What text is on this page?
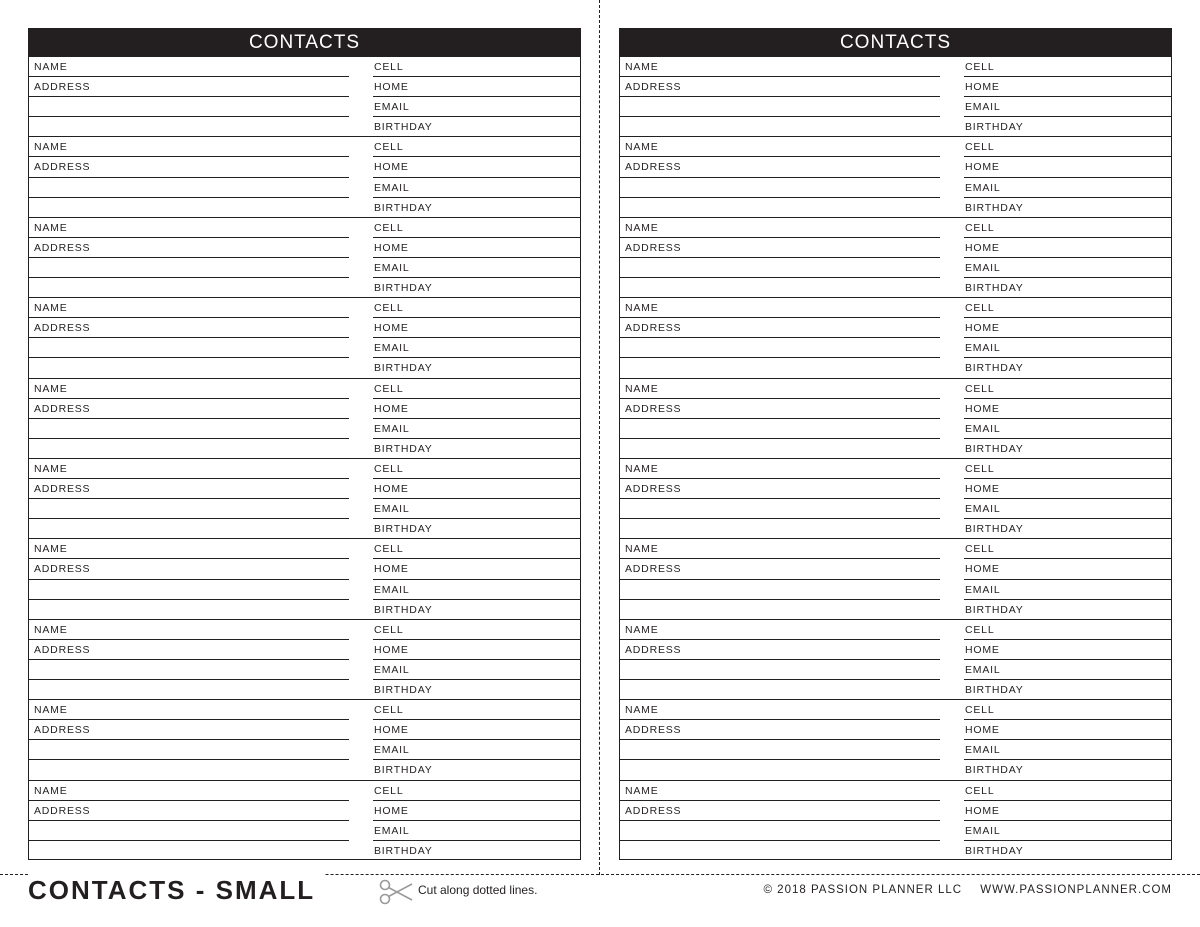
CONTACTS
NAME
ADDRESS
CELL
HOME
EMAIL
BIRTHDAY
NAME
ADDRESS
CELL
HOME
EMAIL
BIRTHDAY
NAME
ADDRESS
CELL
HOME
EMAIL
BIRTHDAY
NAME
ADDRESS
CELL
HOME
EMAIL
BIRTHDAY
NAME
ADDRESS
CELL
HOME
EMAIL
BIRTHDAY
NAME
ADDRESS
CELL
HOME
EMAIL
BIRTHDAY
NAME
ADDRESS
CELL
HOME
EMAIL
BIRTHDAY
NAME
ADDRESS
CELL
HOME
EMAIL
BIRTHDAY
NAME
ADDRESS
CELL
HOME
EMAIL
BIRTHDAY
NAME
ADDRESS
CELL
HOME
EMAIL
BIRTHDAY
CONTACTS
NAME
ADDRESS
CELL
HOME
EMAIL
BIRTHDAY
NAME
ADDRESS
CELL
HOME
EMAIL
BIRTHDAY
NAME
ADDRESS
CELL
HOME
EMAIL
BIRTHDAY
NAME
ADDRESS
CELL
HOME
EMAIL
BIRTHDAY
NAME
ADDRESS
CELL
HOME
EMAIL
BIRTHDAY
NAME
ADDRESS
CELL
HOME
EMAIL
BIRTHDAY
NAME
ADDRESS
CELL
HOME
EMAIL
BIRTHDAY
NAME
ADDRESS
CELL
HOME
EMAIL
BIRTHDAY
NAME
ADDRESS
CELL
HOME
EMAIL
BIRTHDAY
NAME
ADDRESS
CELL
HOME
EMAIL
BIRTHDAY
CONTACTS - SMALL	Cut along dotted lines.	© 2018 PASSION PLANNER LLC WWW.PASSIONPLANNER.COM
